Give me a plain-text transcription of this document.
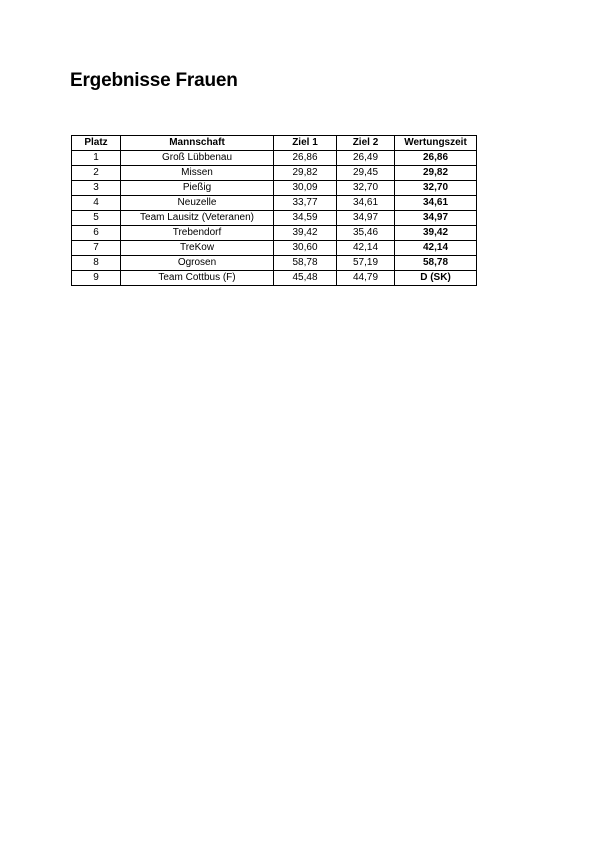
Ergebnisse Frauen
Platz	Mannschaft	Ziel 1	Ziel 2	Wertungszeit
1	Groß Lübbenau	26,86	26,49	26,86
2	Missen	29,82	29,45	29,82
3	Pießig	30,09	32,70	32,70
4	Neuzelle	33,77	34,61	34,61
5	Team Lausitz (Veteranen)	34,59	34,97	34,97
6	Trebendorf	39,42	35,46	39,42
7	TreKow	30,60	42,14	42,14
8	Ogrosen	58,78	57,19	58,78
9	Team Cottbus (F)	45,48	44,79	D (SK)
